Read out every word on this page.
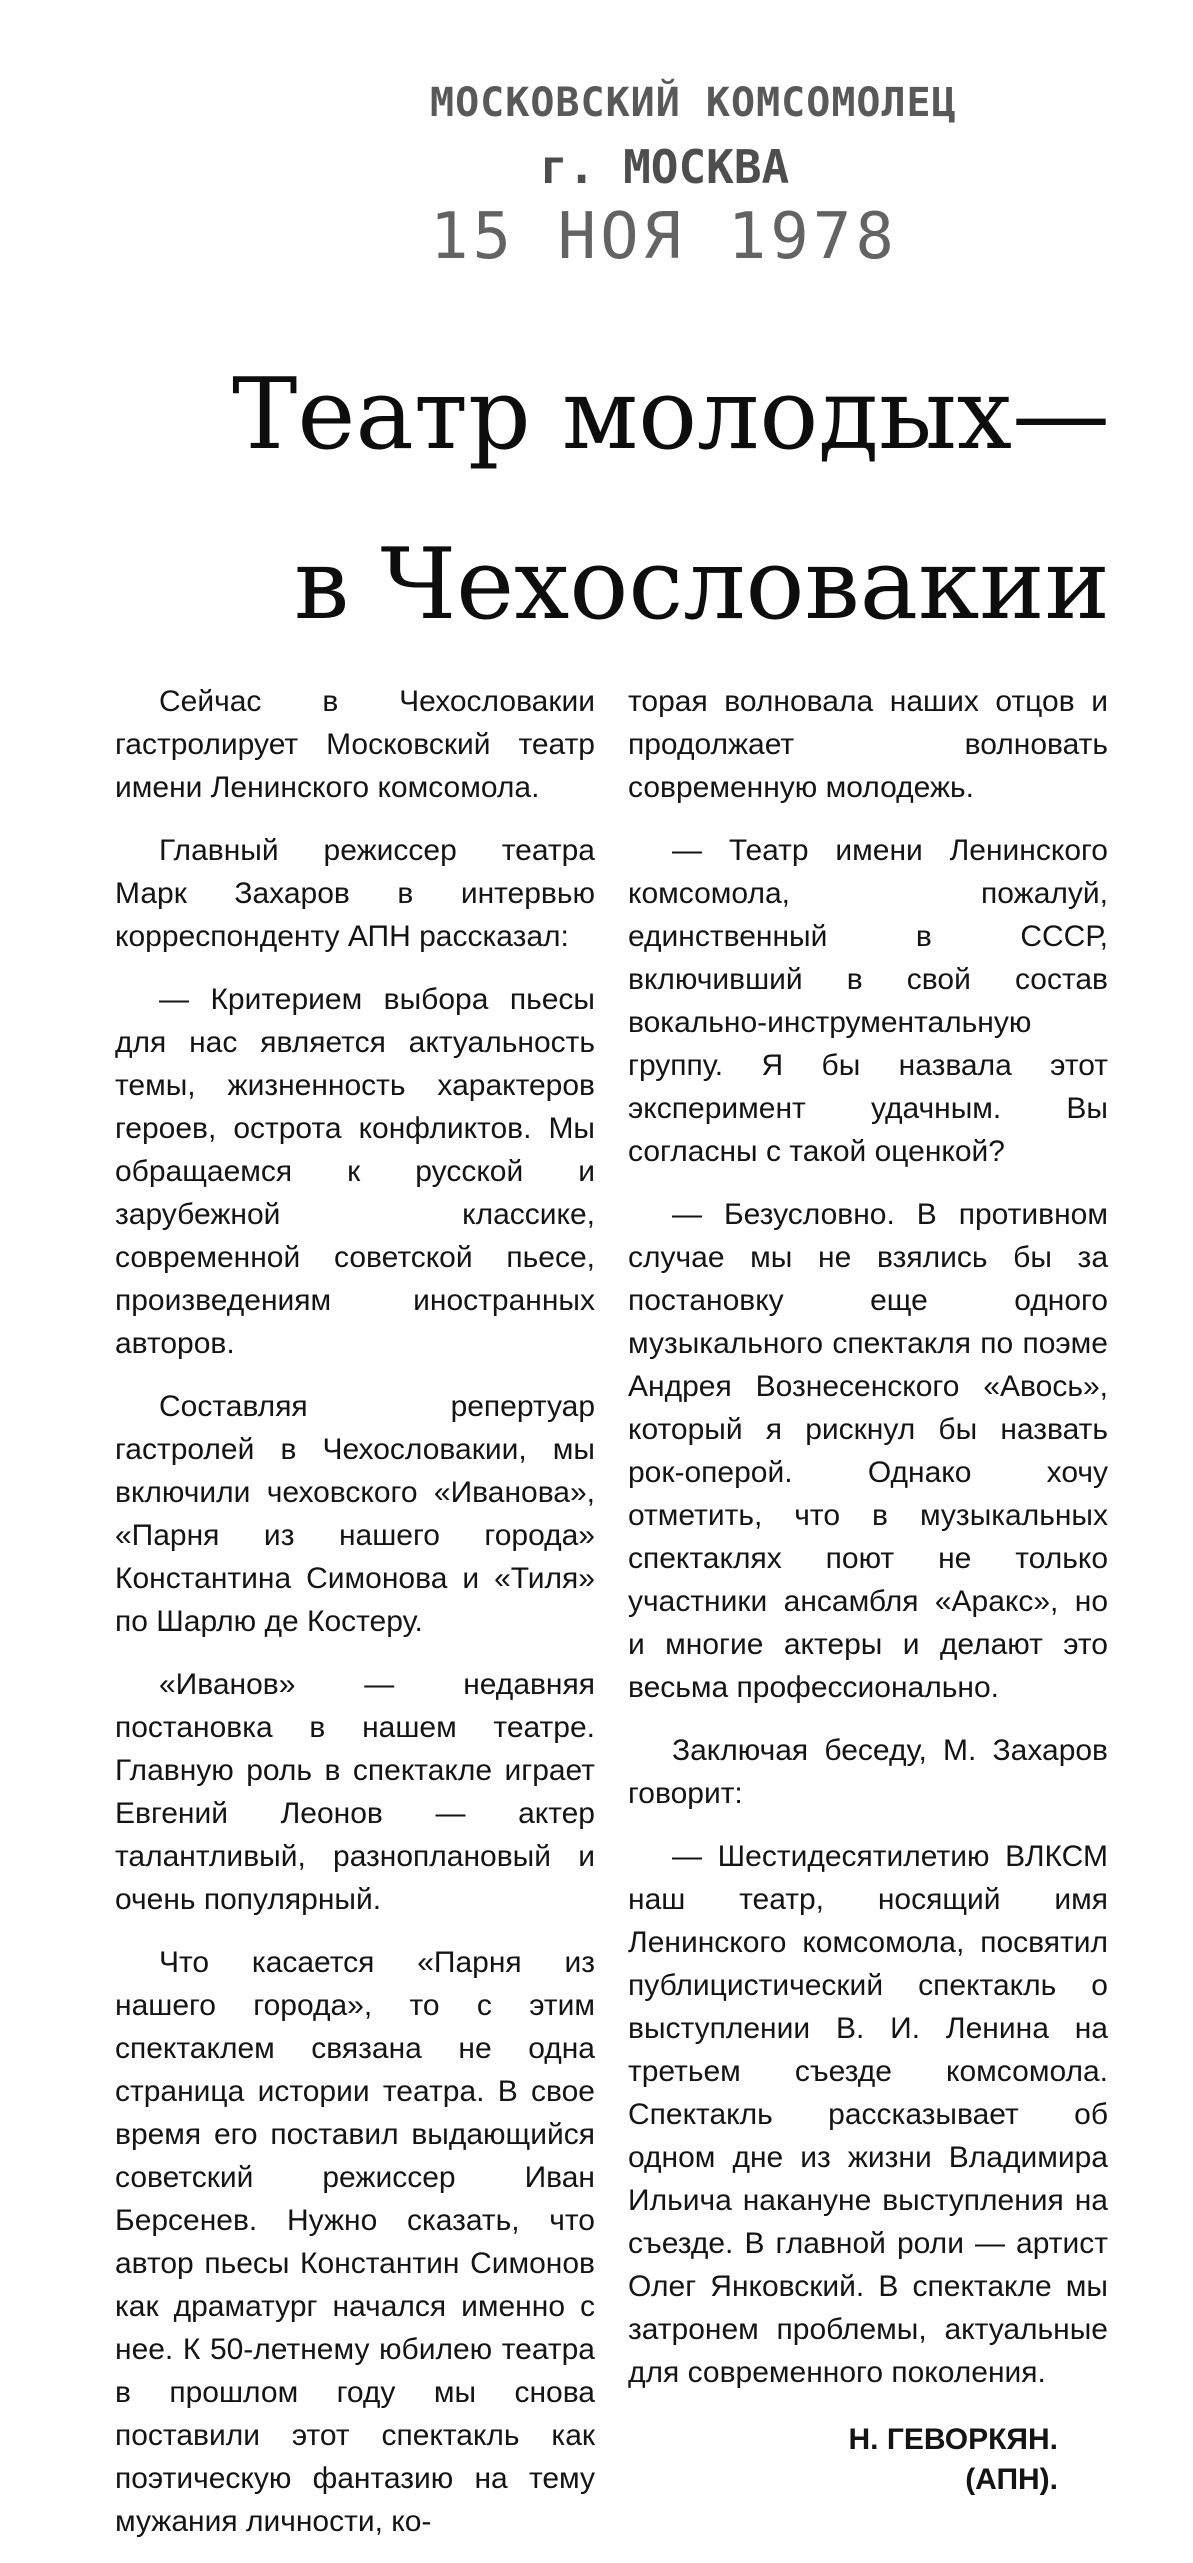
МОСКОВСКИЙ КОМСОМОЛЕЦ
г. МОСКВА
15 НОЯ 1978
Театр молодых—
в Чехословакии

Сейчас в Чехословакии гастролирует Московский театр имени Ленинского комсомола.

Главный режиссер театра Марк Захаров в интервью корреспонденту АПН рассказал:

— Критерием выбора пьесы для нас является актуальность темы, жизненность характеров героев, острота конфликтов. Мы обращаемся к русской и зарубежной классике, современной советской пьесе, произведениям иностранных авторов.

Составляя репертуар гастролей в Чехословакии, мы включили чеховского «Иванова», «Парня из нашего города» Константина Симонова и «Тиля» по Шарлю де Костеру.

«Иванов» — недавняя постановка в нашем театре. Главную роль в спектакле играет Евгений Леонов — актер талантливый, разноплановый и очень популярный.

Что касается «Парня из нашего города», то с этим спектаклем связана не одна страница истории театра. В свое время его поставил выдающийся советский режиссер Иван Берсенев. Нужно сказать, что автор пьесы Константин Симонов как драматург начался именно с нее. К 50-летнему юбилею театра в прошлом году мы снова поставили этот спектакль как поэтическую фантазию на тему мужания личности, ко-

торая волновала наших отцов и продолжает волновать современную молодежь.

— Театр имени Ленинского комсомола, пожалуй, единственный в СССР, включивший в свой состав вокально-инструментальную группу. Я бы назвала этот эксперимент удачным. Вы согласны с такой оценкой?

— Безусловно. В противном случае мы не взялись бы за постановку еще одного музыкального спектакля по поэме Андрея Вознесенского «Авось», который я рискнул бы назвать рок-оперой. Однако хочу отметить, что в музыкальных спектаклях поют не только участники ансамбля «Аракс», но и многие актеры и делают это весьма профессионально.

Заключая беседу, М. Захаров говорит:

— Шестидесятилетию ВЛКСМ наш театр, носящий имя Ленинского комсомола, посвятил публицистический спектакль о выступлении В. И. Ленина на третьем съезде комсомола. Спектакль рассказывает об одном дне из жизни Владимира Ильича накануне выступления на съезде. В главной роли — артист Олег Янковский. В спектакле мы затронем проблемы, актуальные для современного поколения.

Н. ГЕВОРКЯН.
(АПН).
